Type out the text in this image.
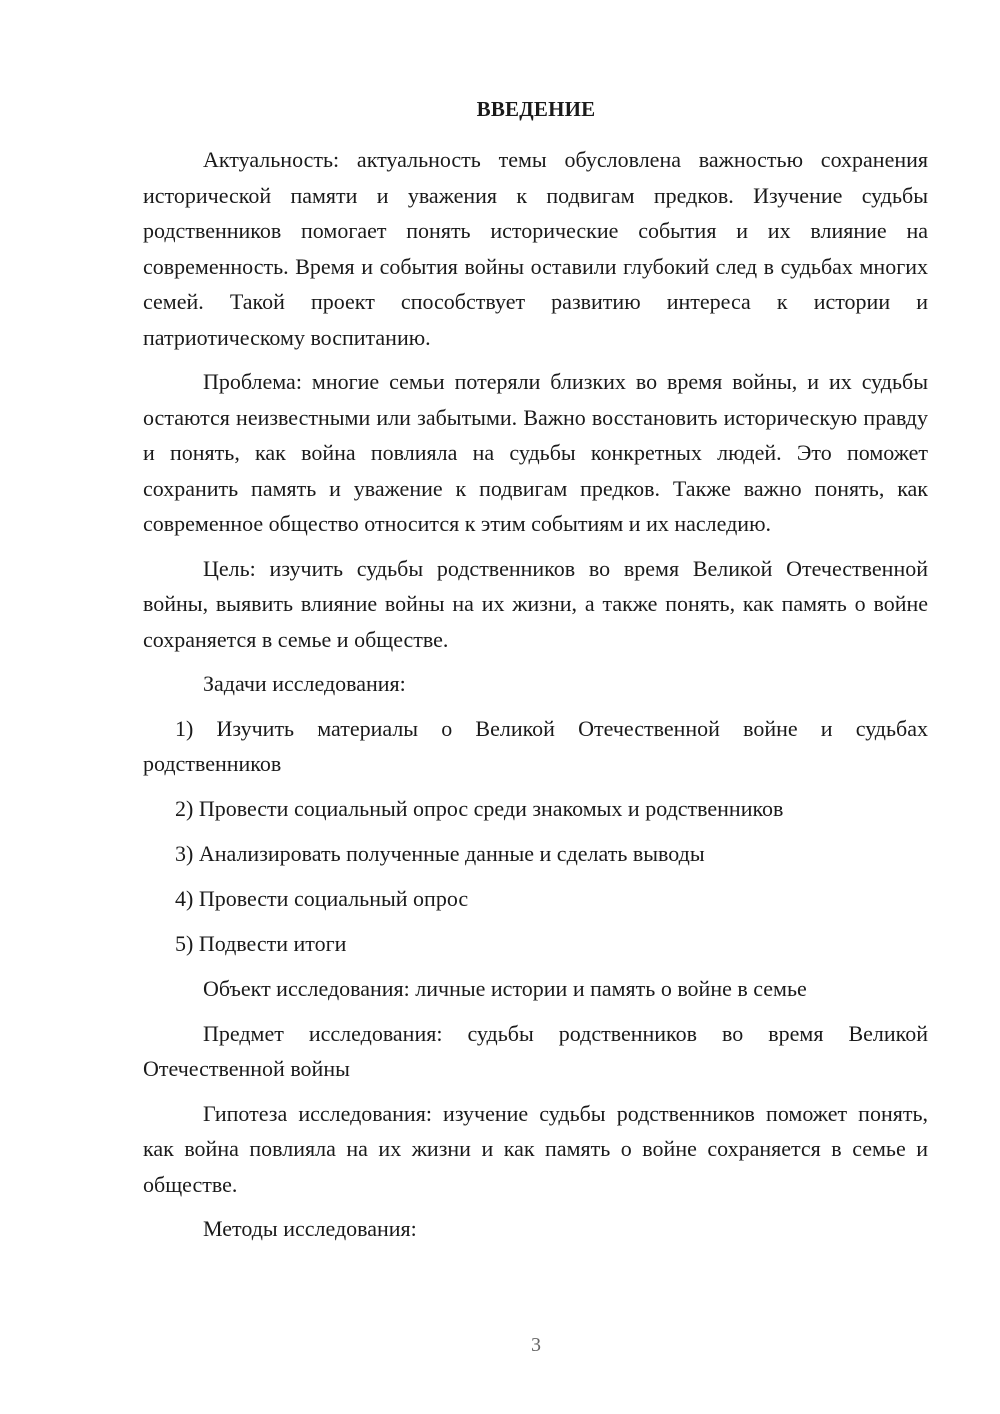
ВВЕДЕНИЕ

Актуальность: актуальность темы обусловлена важностью сохранения исторической памяти и уважения к подвигам предков. Изучение судьбы родственников помогает понять исторические события и их влияние на современность. Время и события войны оставили глубокий след в судьбах многих семей. Такой проект способствует развитию интереса к истории и патриотическому воспитанию.

Проблема: многие семьи потеряли близких во время войны, и их судьбы остаются неизвестными или забытыми. Важно восстановить историческую правду и понять, как война повлияла на судьбы конкретных людей. Это поможет сохранить память и уважение к подвигам предков. Также важно понять, как современное общество относится к этим событиям и их наследию.

Цель: изучить судьбы родственников во время Великой Отечественной войны, выявить влияние войны на их жизни, а также понять, как память о войне сохраняется в семье и обществе.

Задачи исследования:

1) Изучить материалы о Великой Отечественной войне и судьбах родственников

2) Провести социальный опрос среди знакомых и родственников

3) Анализировать полученные данные и сделать выводы

4) Провести социальный опрос

5) Подвести итоги

Объект исследования: личные истории и память о войне в семье

Предмет исследования: судьбы родственников во время Великой Отечественной войны

Гипотеза исследования: изучение судьбы родственников поможет понять, как война повлияла на их жизни и как память о войне сохраняется в семье и обществе.

Методы исследования:

3
